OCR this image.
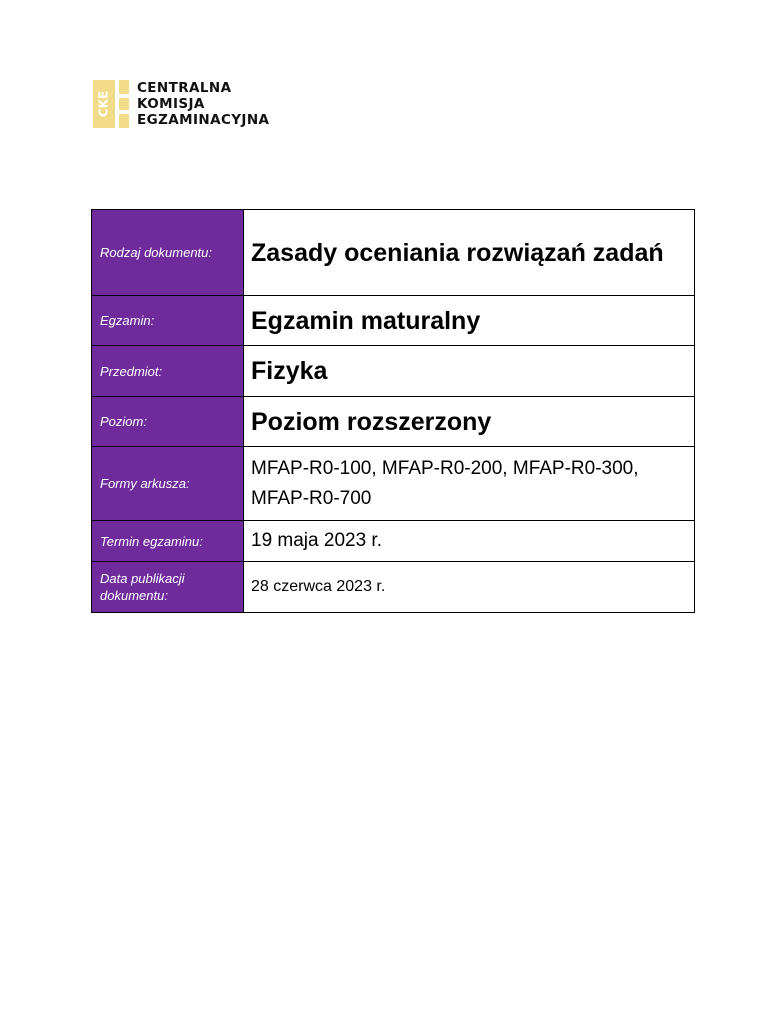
CKE
CENTRALNA
KOMISJA
EGZAMINACYJNA
Rodzaj dokumentu:	Zasady oceniania rozwiązań zadań
Egzamin:	Egzamin maturalny
Przedmiot:	Fizyka
Poziom:	Poziom rozszerzony
Formy arkusza:	MFAP-R0-100, MFAP-R0-200, MFAP-R0-300, MFAP-R0-700
Termin egzaminu:	19 maja 2023 r.
Data publikacji dokumentu:	28 czerwca 2023 r.
